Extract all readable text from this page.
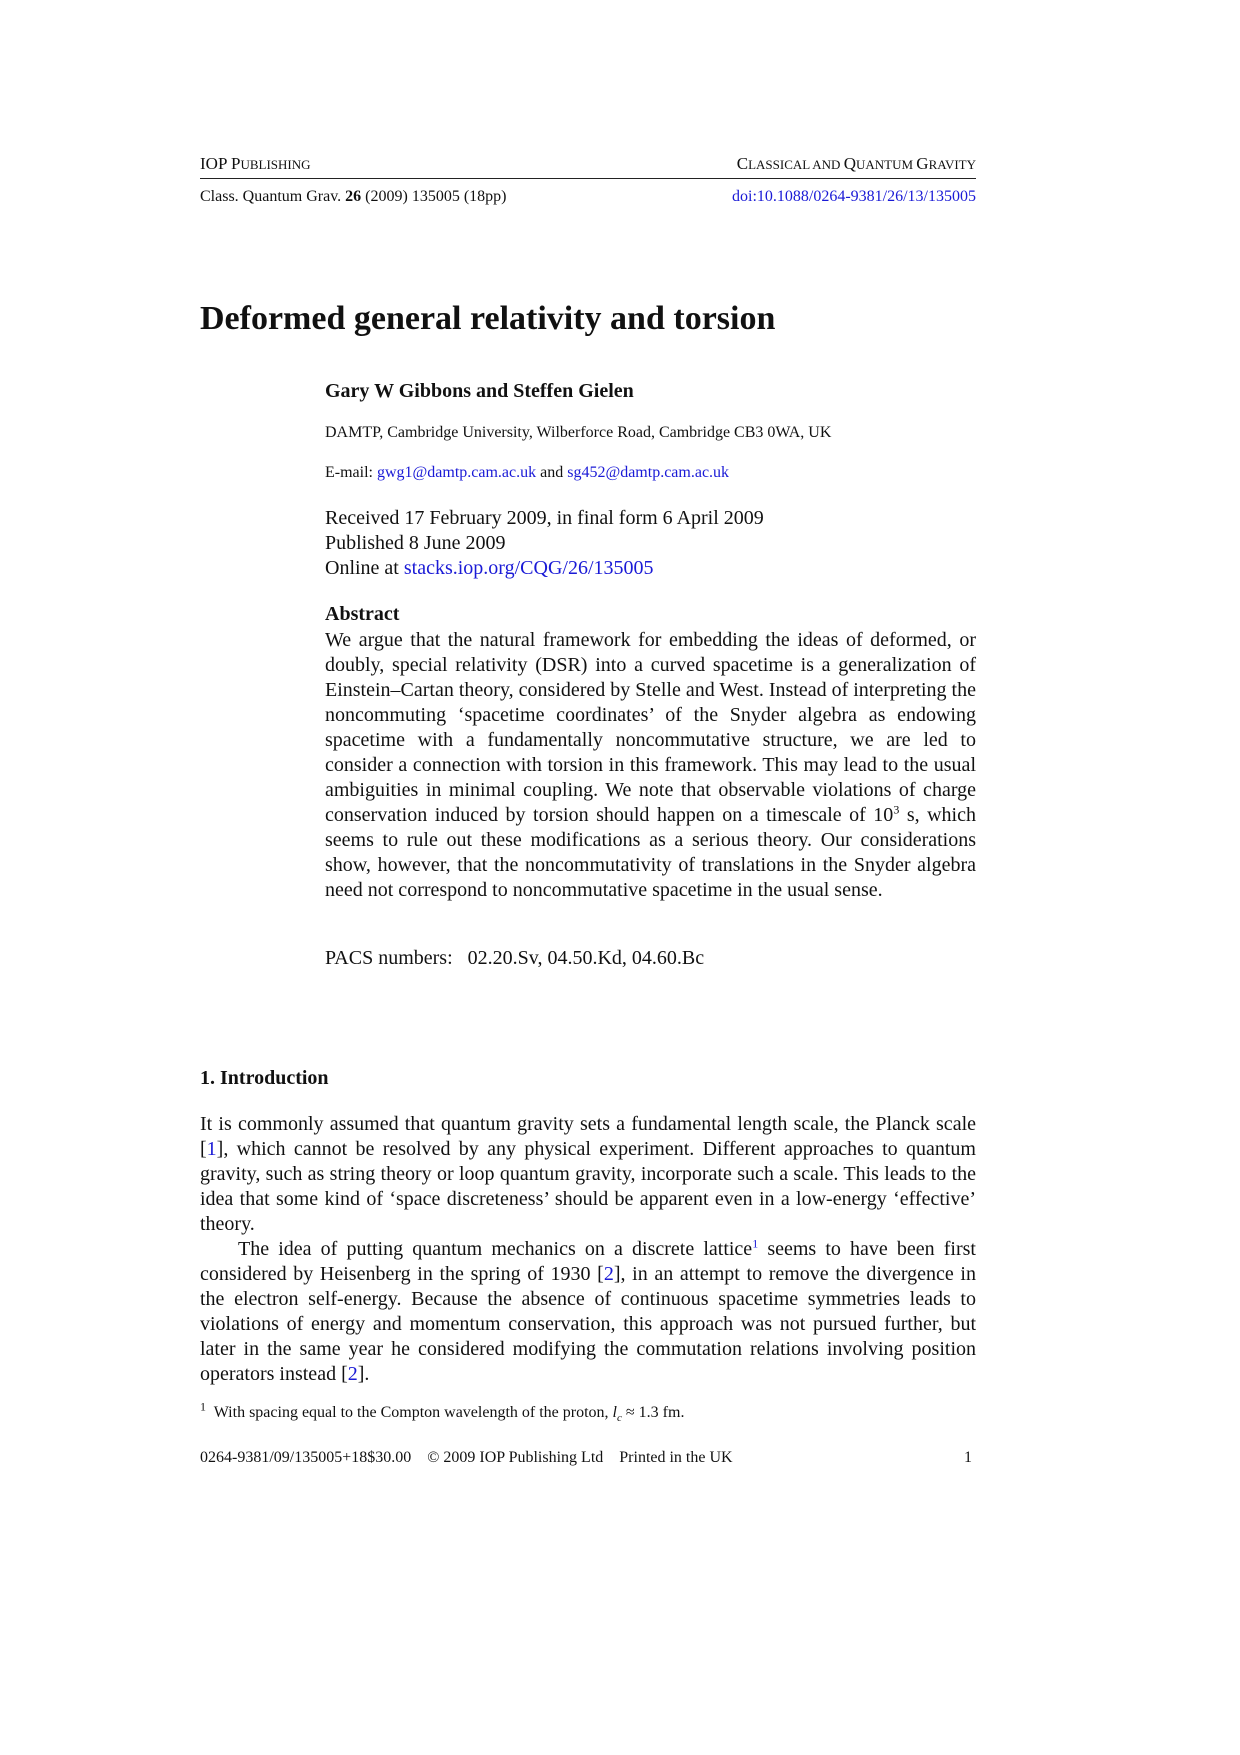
IOP PUBLISHING	CLASSICAL AND QUANTUM GRAVITY
Class. Quantum Grav. 26 (2009) 135005 (18pp)	doi:10.1088/0264-9381/26/13/135005
Deformed general relativity and torsion
Gary W Gibbons and Steffen Gielen
DAMTP, Cambridge University, Wilberforce Road, Cambridge CB3 0WA, UK
E-mail: gwg1@damtp.cam.ac.uk and sg452@damtp.cam.ac.uk
Received 17 February 2009, in final form 6 April 2009
Published 8 June 2009
Online at stacks.iop.org/CQG/26/135005
Abstract
We argue that the natural framework for embedding the ideas of deformed, or doubly, special relativity (DSR) into a curved spacetime is a generalization of Einstein–Cartan theory, considered by Stelle and West. Instead of interpreting the noncommuting ‘spacetime coordinates’ of the Snyder algebra as endowing spacetime with a fundamentally noncommutative structure, we are led to consider a connection with torsion in this framework. This may lead to the usual ambiguities in minimal coupling. We note that observable violations of charge conservation induced by torsion should happen on a timescale of $10^3$ s, which seems to rule out these modifications as a serious theory. Our considerations show, however, that the noncommutativity of translations in the Snyder algebra need not correspond to noncommutative spacetime in the usual sense.
PACS numbers:   02.20.Sv, 04.50.Kd, 04.60.Bc
1. Introduction

It is commonly assumed that quantum gravity sets a fundamental length scale, the Planck scale [1], which cannot be resolved by any physical experiment. Different approaches to quantum gravity, such as string theory or loop quantum gravity, incorporate such a scale. This leads to the idea that some kind of ‘space discreteness’ should be apparent even in a low-energy ‘effective’ theory.

The idea of putting quantum mechanics on a discrete lattice$^1$ seems to have been first considered by Heisenberg in the spring of 1930 [2], in an attempt to remove the divergence in the electron self-energy. Because the absence of continuous spacetime symmetries leads to violations of energy and momentum conservation, this approach was not pursued further, but later in the same year he considered modifying the commutation relations involving position operators instead [2].

$^1$  With spacing equal to the Compton wavelength of the proton, $l_c \approx 1.3$ fm.
0264-9381/09/135005+18$30.00    © 2009 IOP Publishing Ltd    Printed in the UK	1
